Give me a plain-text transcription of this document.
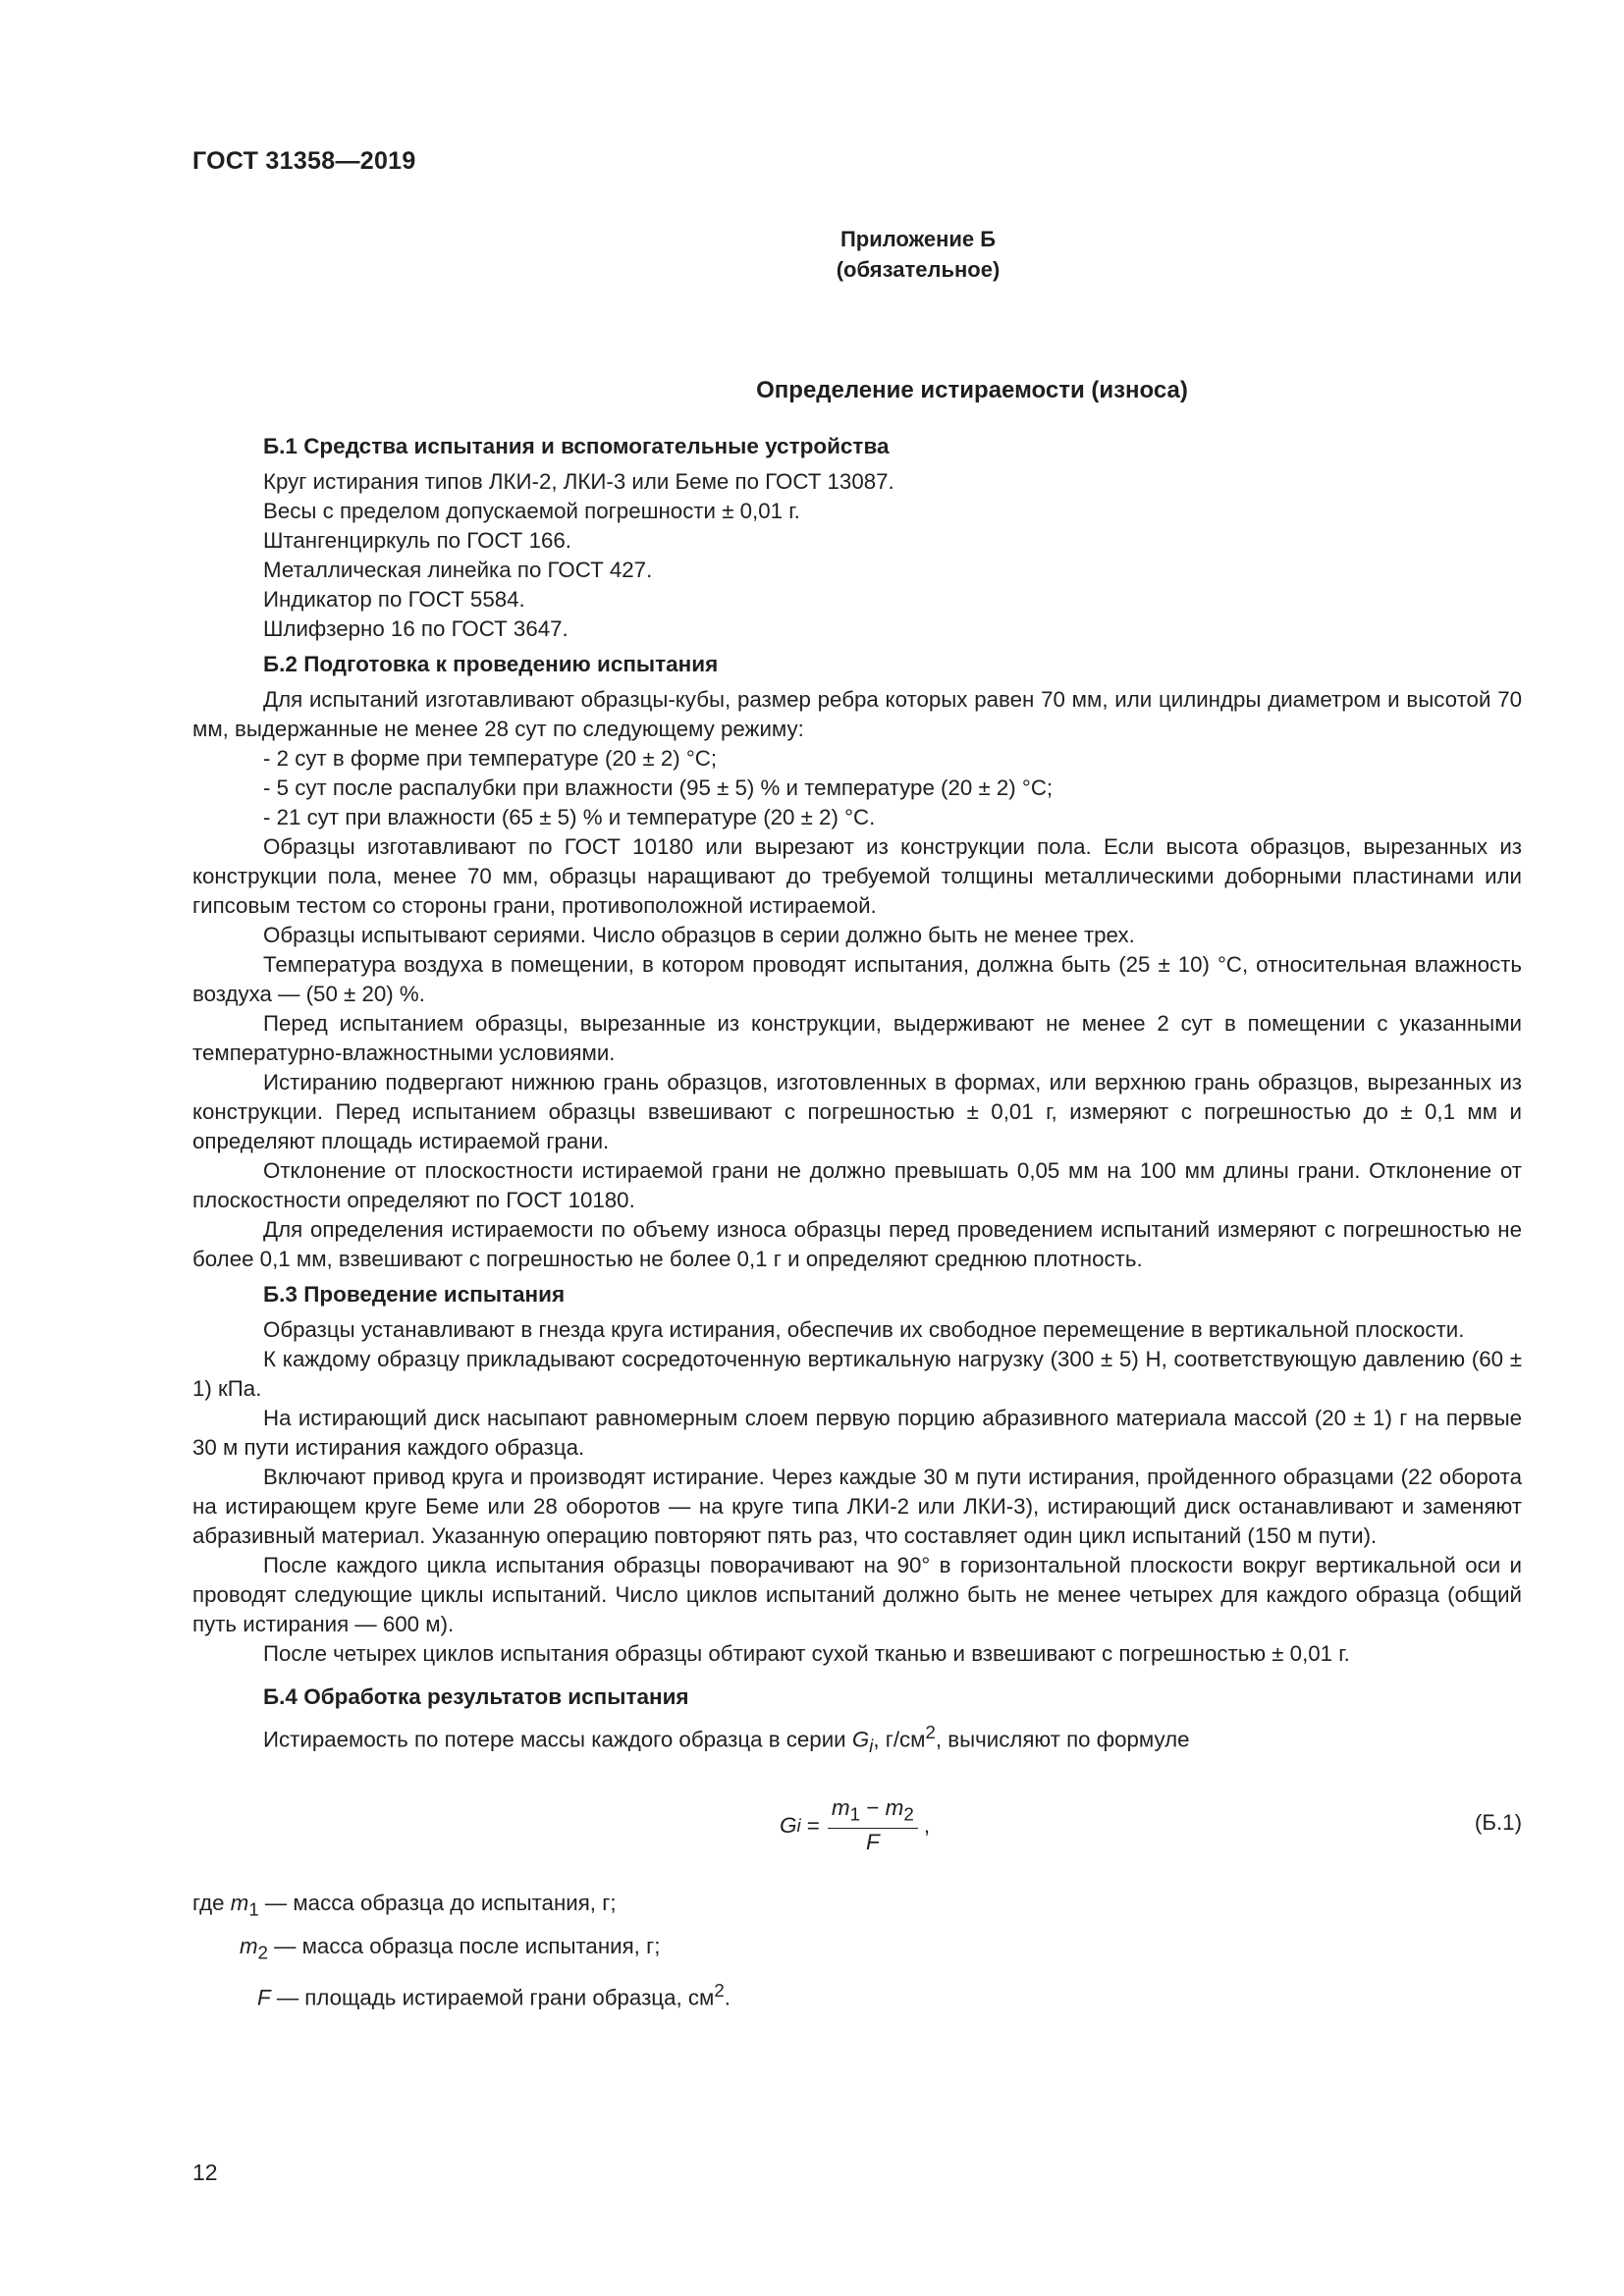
ГОСТ 31358—2019
Приложение Б
(обязательное)
Определение истираемости (износа)
Б.1 Средства испытания и вспомогательные устройства
Круг истирания типов ЛКИ-2, ЛКИ-3 или Беме по ГОСТ 13087.
Весы с пределом допускаемой погрешности ± 0,01 г.
Штангенциркуль по ГОСТ 166.
Металлическая линейка по ГОСТ 427.
Индикатор по ГОСТ 5584.
Шлифзерно 16 по ГОСТ 3647.
Б.2 Подготовка к проведению испытания

Для испытаний изготавливают образцы-кубы, размер ребра которых равен 70 мм, или цилиндры диаметром и высотой 70 мм, выдержанные не менее 28 сут по следующему режиму:

- 2 сут в форме при температуре (20 ± 2) °С;
- 5 сут после распалубки при влажности (95 ± 5) % и температуре (20 ± 2) °С;
- 21 сут при влажности (65 ± 5) % и температуре (20 ± 2) °С.

Образцы изготавливают по ГОСТ 10180 или вырезают из конструкции пола. Если высота образцов, вырезанных из конструкции пола, менее 70 мм, образцы наращивают до требуемой толщины металлическими доборными пластинами или гипсовым тестом со стороны грани, противоположной истираемой.

Образцы испытывают сериями. Число образцов в серии должно быть не менее трех.

Температура воздуха в помещении, в котором проводят испытания, должна быть (25 ± 10) °С, относительная влажность воздуха — (50 ± 20) %.

Перед испытанием образцы, вырезанные из конструкции, выдерживают не менее 2 сут в помещении с указанными температурно-влажностными условиями.

Истиранию подвергают нижнюю грань образцов, изготовленных в формах, или верхнюю грань образцов, вырезанных из конструкции. Перед испытанием образцы взвешивают с погрешностью ± 0,01 г, измеряют с погрешностью до ± 0,1 мм и определяют площадь истираемой грани.

Отклонение от плоскостности истираемой грани не должно превышать 0,05 мм на 100 мм длины грани. Отклонение от плоскостности определяют по ГОСТ 10180.

Для определения истираемости по объему износа образцы перед проведением испытаний измеряют с погрешностью не более 0,1 мм, взвешивают с погрешностью не более 0,1 г и определяют среднюю плотность.

Б.3 Проведение испытания

Образцы устанавливают в гнезда круга истирания, обеспечив их свободное перемещение в вертикальной плоскости.

К каждому образцу прикладывают сосредоточенную вертикальную нагрузку (300 ± 5) Н, соответствующую давлению (60 ± 1) кПа.

На истирающий диск насыпают равномерным слоем первую порцию абразивного материала массой (20 ± 1) г на первые 30 м пути истирания каждого образца.

Включают привод круга и производят истирание. Через каждые 30 м пути истирания, пройденного образцами (22 оборота на истирающем круге Беме или 28 оборотов — на круге типа ЛКИ-2 или ЛКИ-3), истирающий диск останавливают и заменяют абразивный материал. Указанную операцию повторяют пять раз, что составляет один цикл испытаний (150 м пути).

После каждого цикла испытания образцы поворачивают на 90° в горизонтальной плоскости вокруг вертикальной оси и проводят следующие циклы испытаний. Число циклов испытаний должно быть не менее четырех для каждого образца (общий путь истирания — 600 м).

После четырех циклов испытания образцы обтирают сухой тканью и взвешивают с погрешностью ± 0,01 г.

Б.4 Обработка результатов испытания

Истираемость по потере массы каждого образца в серии $G_i$, $г/см^2$, вычисляют по формуле

G $i = \frac{m_1 - m_2}{F}$ ,	(Б.1)
где $m_1$ — масса образца до испытания, г;
$m_2$ — масса образца после испытания, г;
F — площадь истираемой грани образца, $см^2$.
12
